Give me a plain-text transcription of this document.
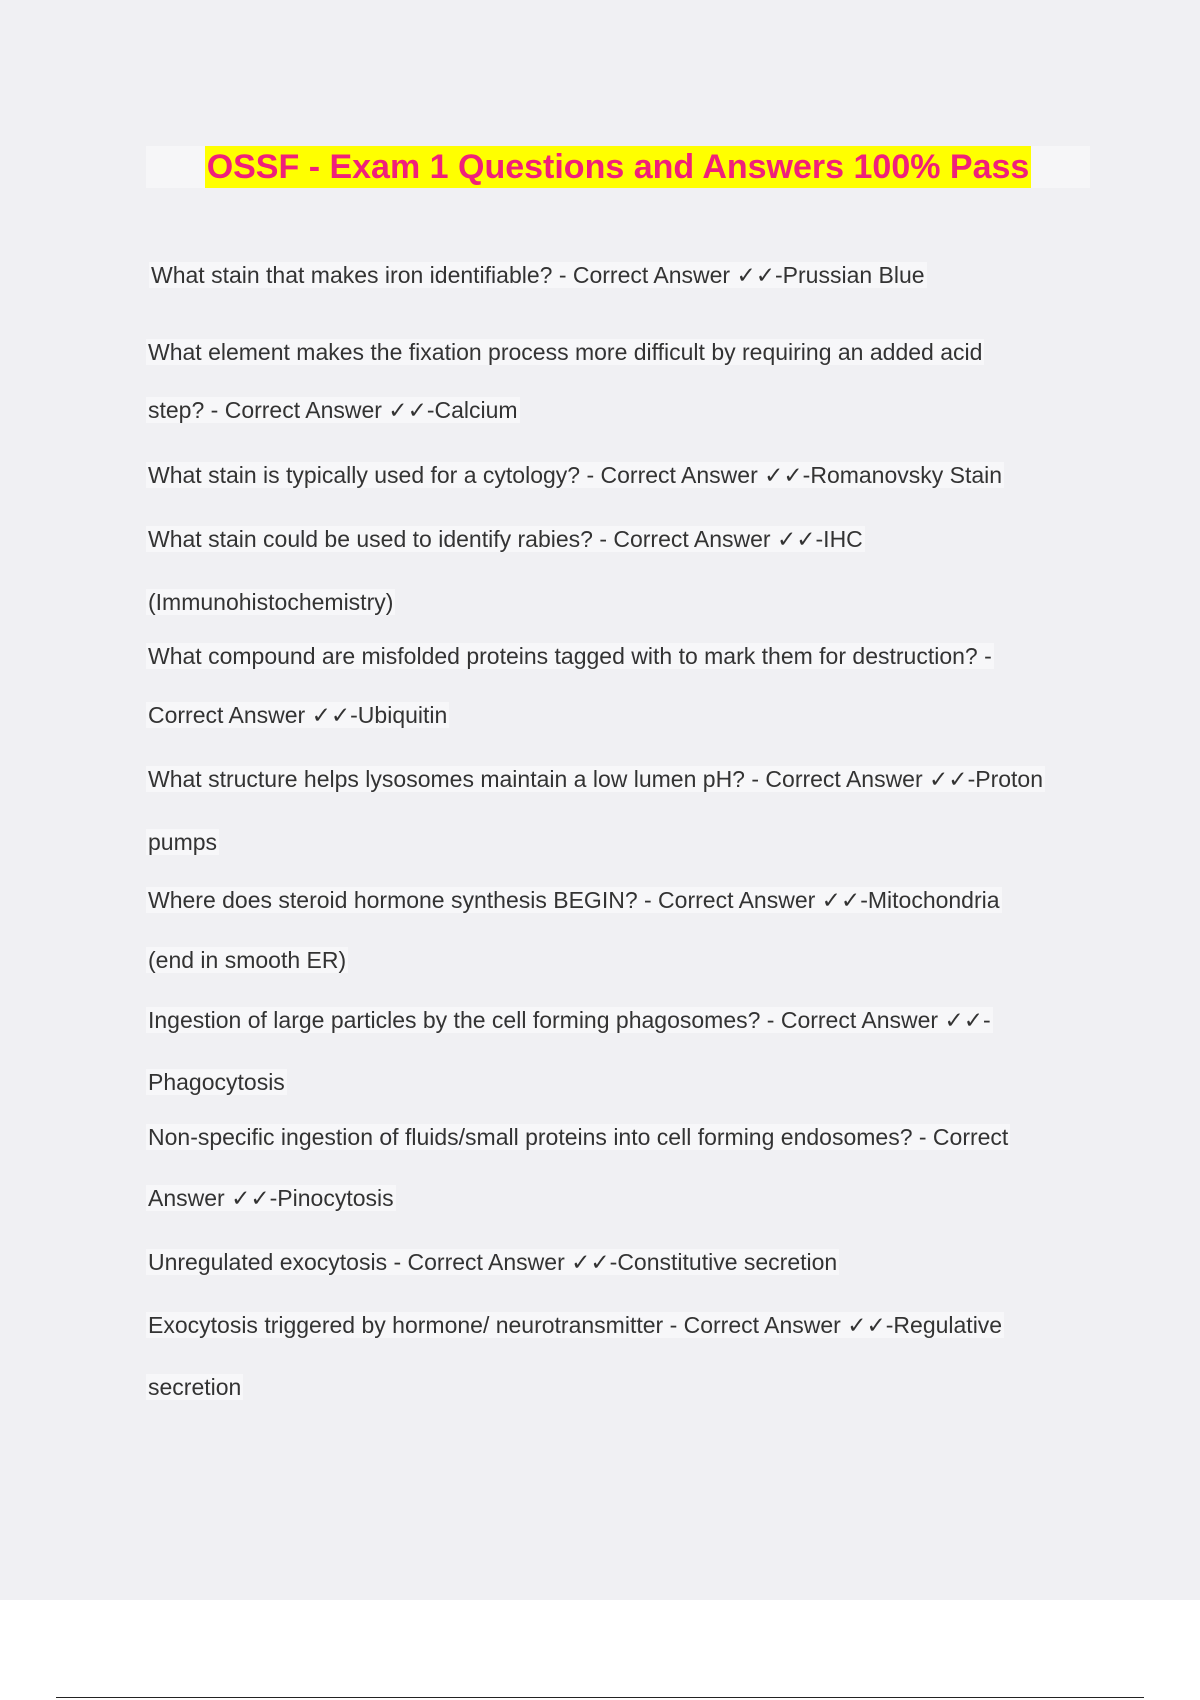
OSSF - Exam 1 Questions and Answers 100% Pass
What stain that makes iron identifiable? - Correct Answer ✓✓-Prussian Blue
What element makes the fixation process more difficult by requiring an added acid
step? - Correct Answer ✓✓-Calcium
What stain is typically used for a cytology? - Correct Answer ✓✓-Romanovsky Stain
What stain could be used to identify rabies? - Correct Answer ✓✓-IHC
(Immunohistochemistry)
What compound are misfolded proteins tagged with to mark them for destruction? -
Correct Answer ✓✓-Ubiquitin
What structure helps lysosomes maintain a low lumen pH? - Correct Answer ✓✓-Proton
pumps
Where does steroid hormone synthesis BEGIN? - Correct Answer ✓✓-Mitochondria
(end in smooth ER)
Ingestion of large particles by the cell forming phagosomes? - Correct Answer ✓✓-
Phagocytosis
Non-specific ingestion of fluids/small proteins into cell forming endosomes? - Correct
Answer ✓✓-Pinocytosis
Unregulated exocytosis - Correct Answer ✓✓-Constitutive secretion
Exocytosis triggered by hormone/ neurotransmitter - Correct Answer ✓✓-Regulative
secretion
